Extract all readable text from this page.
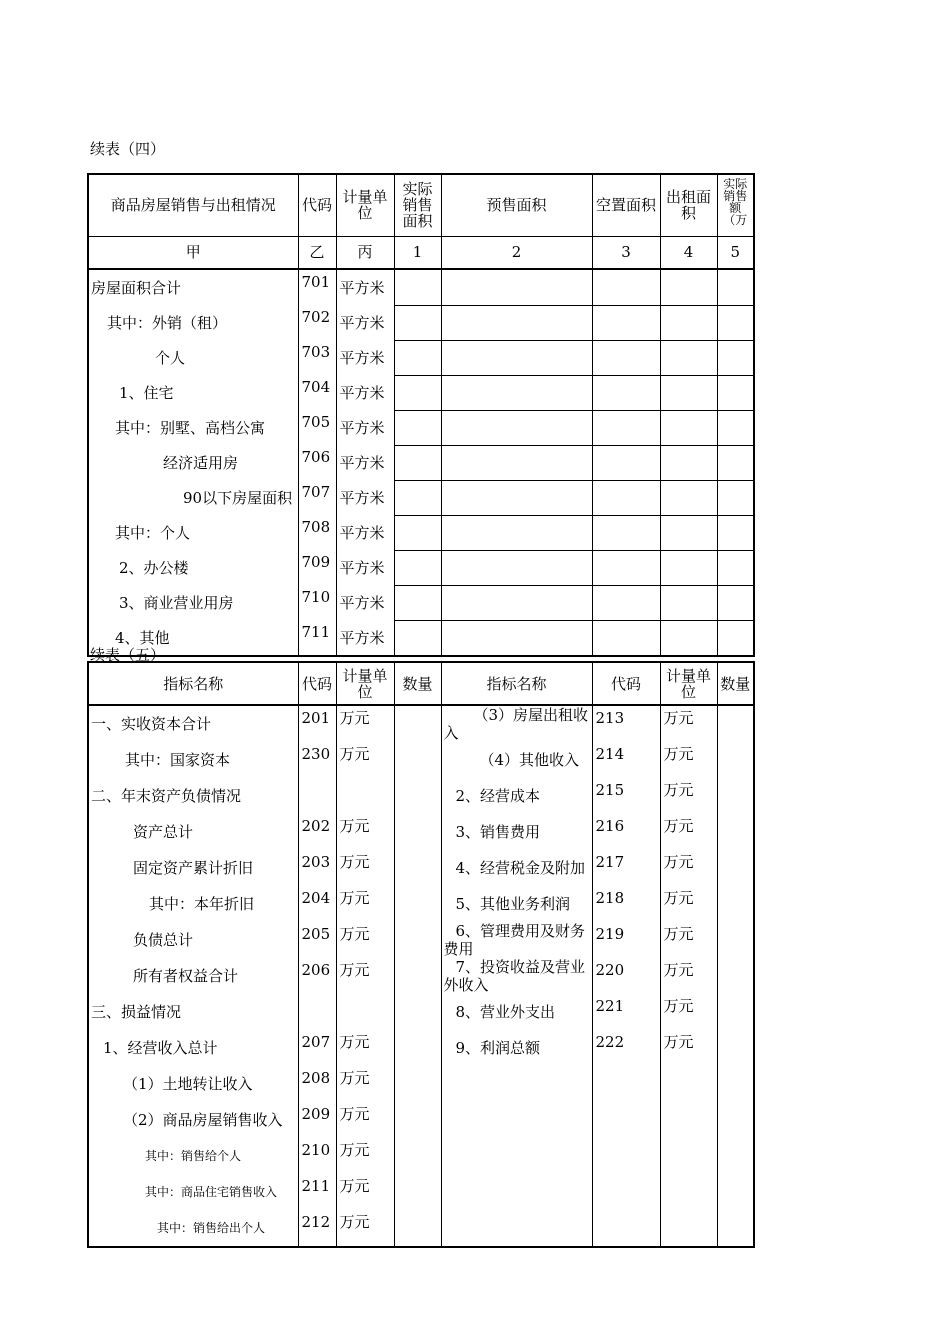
续表（四）
商品房屋销售与出租情况	代码	计量单位	实际销售面积	预售面积	空置面积	出租面积	实际销售额（万
甲	乙	丙	1	2	3	4	5
房屋面积合计	701	平方米					
其中：外销（租）	702	平方米					
个人	703	平方米					
1、住宅	704	平方米					
其中：别墅、高档公寓	705	平方米					
经济适用房	706	平方米					
90以下房屋面积	707	平方米					
其中：个人	708	平方米					
2、办公楼	709	平方米					
3、商业营业用房	710	平方米					
4、其他	711	平方米					
续表（五）
指标名称	代码	计量单位	数量	指标名称	代码	计量单位	数量
一、实收资本合计	201	万元		（3）房屋出租收入	213	万元	
其中：国家资本	230	万元		（4）其他收入	214	万元	
二、年末资产负债情况				2、经营成本	215	万元	
资产总计	202	万元		3、销售费用	216	万元	
固定资产累计折旧	203	万元		4、经营税金及附加	217	万元	
其中：本年折旧	204	万元		5、其他业务利润	218	万元	
负债总计	205	万元		6、管理费用及财务费用	219	万元	
所有者权益合计	206	万元		7、投资收益及营业外收入	220	万元	
三、损益情况				8、营业外支出	221	万元	
1、经营收入总计	207	万元		9、利润总额	222	万元	
（1）土地转让收入	208	万元					
（2）商品房屋销售收入	209	万元					
其中：销售给个人	210	万元					
其中：商品住宅销售收入	211	万元					
其中：销售给出个人	212	万元					
